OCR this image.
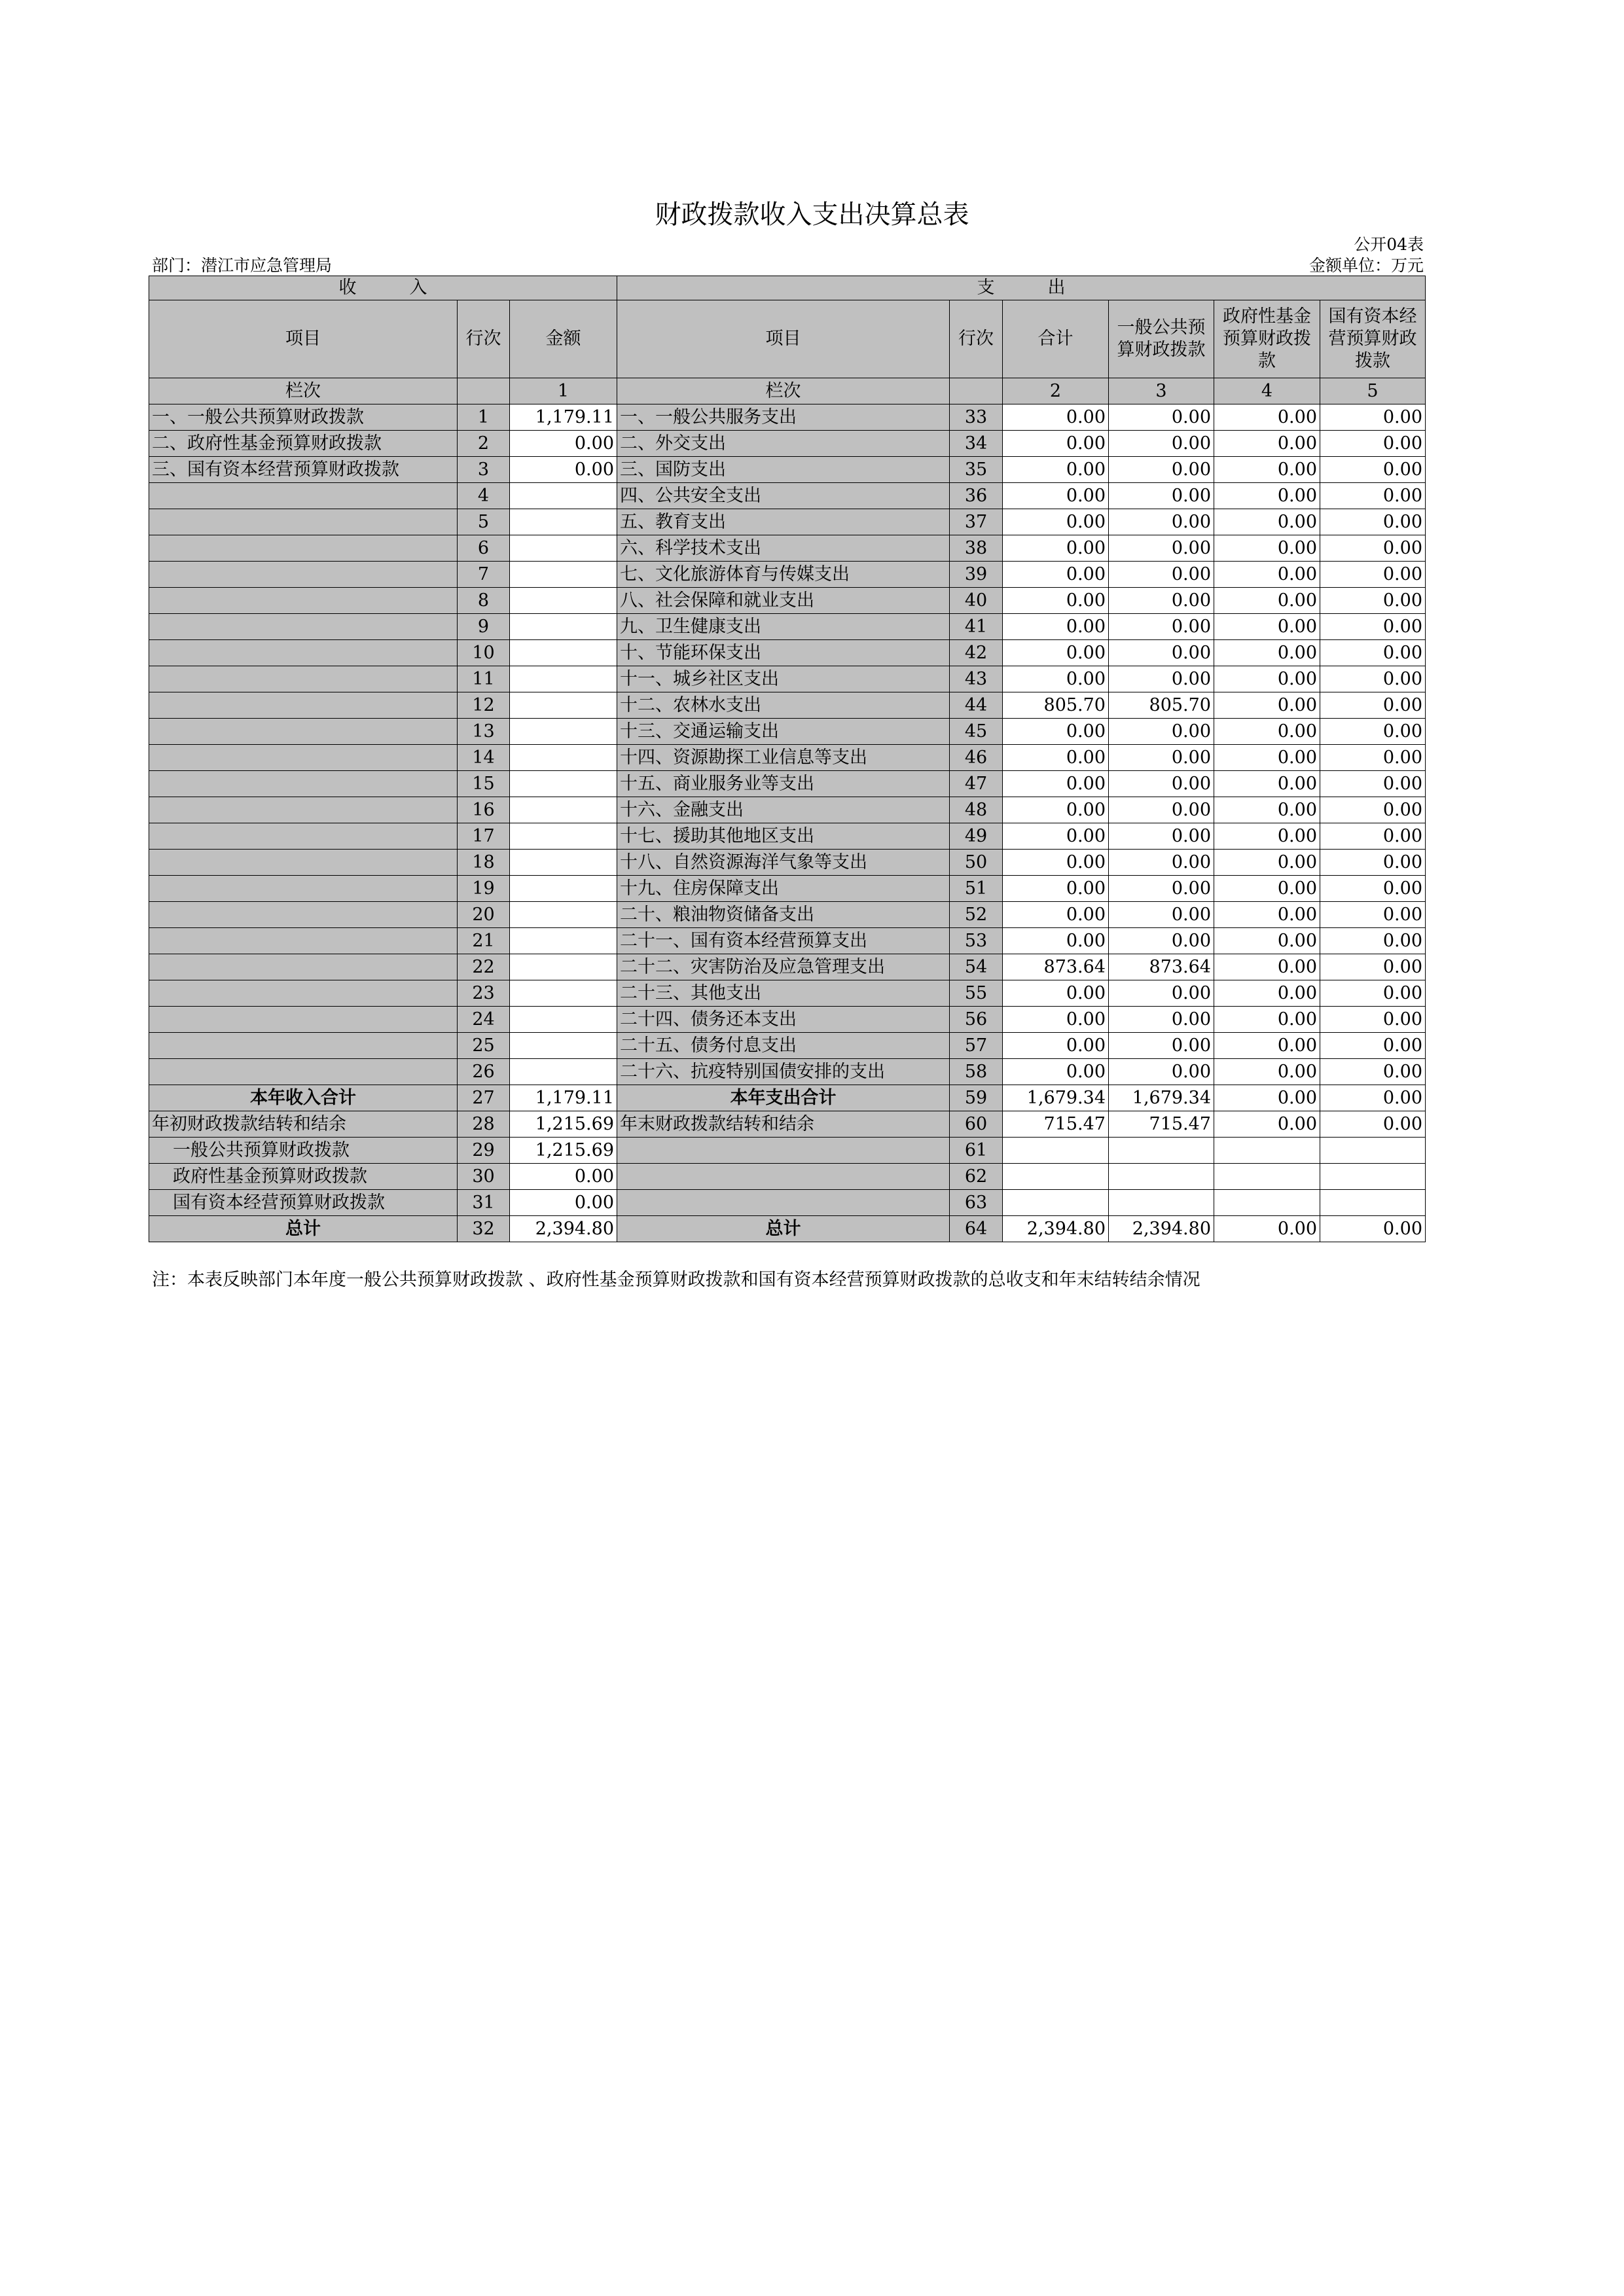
财政拨款收入支出决算总表
公开04表
部门：潜江市应急管理局	金额单位：万元
收　　　入			支　　　出					
项目	行次	金额	项目	行次	合计	一般公共预算财政拨款	政府性基金预算财政拨款	国有资本经营预算财政拨款
栏次		1	栏次		2	3	4	5
一、一般公共预算财政拨款	1	1,179.11	一、一般公共服务支出	33	0.00	0.00	0.00	0.00
二、政府性基金预算财政拨款	2	0.00	二、外交支出	34	0.00	0.00	0.00	0.00
三、国有资本经营预算财政拨款	3	0.00	三、国防支出	35	0.00	0.00	0.00	0.00
	4		四、公共安全支出	36	0.00	0.00	0.00	0.00
	5		五、教育支出	37	0.00	0.00	0.00	0.00
	6		六、科学技术支出	38	0.00	0.00	0.00	0.00
	7		七、文化旅游体育与传媒支出	39	0.00	0.00	0.00	0.00
	8		八、社会保障和就业支出	40	0.00	0.00	0.00	0.00
	9		九、卫生健康支出	41	0.00	0.00	0.00	0.00
	10		十、节能环保支出	42	0.00	0.00	0.00	0.00
	11		十一、城乡社区支出	43	0.00	0.00	0.00	0.00
	12		十二、农林水支出	44	805.70	805.70	0.00	0.00
	13		十三、交通运输支出	45	0.00	0.00	0.00	0.00
	14		十四、资源勘探工业信息等支出	46	0.00	0.00	0.00	0.00
	15		十五、商业服务业等支出	47	0.00	0.00	0.00	0.00
	16		十六、金融支出	48	0.00	0.00	0.00	0.00
	17		十七、援助其他地区支出	49	0.00	0.00	0.00	0.00
	18		十八、自然资源海洋气象等支出	50	0.00	0.00	0.00	0.00
	19		十九、住房保障支出	51	0.00	0.00	0.00	0.00
	20		二十、粮油物资储备支出	52	0.00	0.00	0.00	0.00
	21		二十一、国有资本经营预算支出	53	0.00	0.00	0.00	0.00
	22		二十二、灾害防治及应急管理支出	54	873.64	873.64	0.00	0.00
	23		二十三、其他支出	55	0.00	0.00	0.00	0.00
	24		二十四、债务还本支出	56	0.00	0.00	0.00	0.00
	25		二十五、债务付息支出	57	0.00	0.00	0.00	0.00
	26		二十六、抗疫特别国债安排的支出	58	0.00	0.00	0.00	0.00
本年收入合计	27	1,179.11	本年支出合计	59	1,679.34	1,679.34	0.00	0.00
年初财政拨款结转和结余	28	1,215.69	年末财政拨款结转和结余	60	715.47	715.47	0.00	0.00
一般公共预算财政拨款	29	1,215.69		61				
政府性基金预算财政拨款	30	0.00		62				
国有资本经营预算财政拨款	31	0.00		63				
总计	32	2,394.80	总计	64	2,394.80	2,394.80	0.00	0.00
注：本表反映部门本年度一般公共预算财政拨款 、政府性基金预算财政拨款和国有资本经营预算财政拨款的总收支和年末结转结余情况
